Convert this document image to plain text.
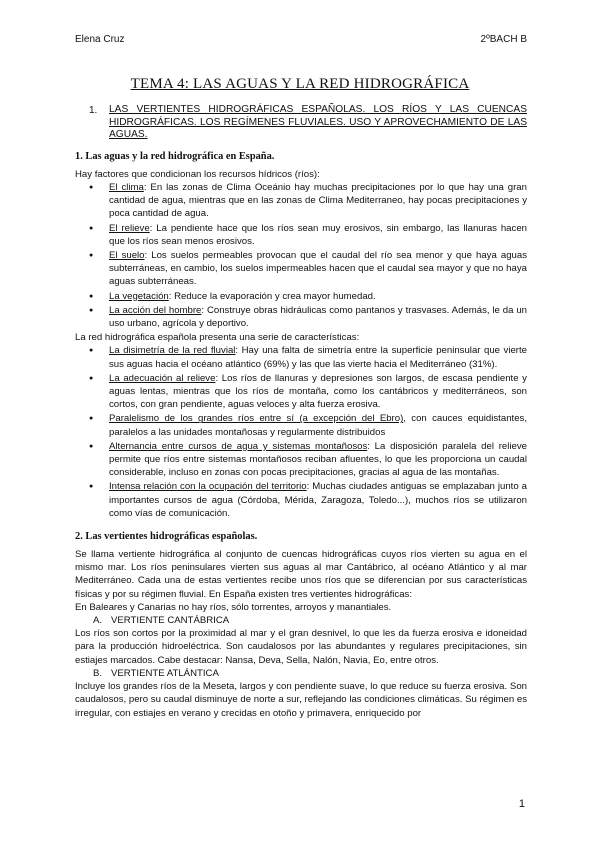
Elena Cruz	2ºBACH B
TEMA 4: LAS AGUAS Y LA RED HIDROGRÁFICA
1.	LAS VERTIENTES HIDROGRÁFICAS ESPAÑOLAS. LOS RÍOS Y LAS CUENCAS HIDROGRÁFICAS. LOS REGÍMENES FLUVIALES. USO Y APROVECHAMIENTO DE LAS AGUAS.
1. Las aguas y la red hidrográfica en España.

Hay factores que condicionan los recursos hídricos (ríos):

● El clima: En las zonas de Clima Oceánio hay muchas precipitaciones por lo que hay una gran cantidad de agua, mientras que en las zonas de Clima Mediterraneo, hay pocas precipitaciones y poca cantidad de agua.
● El relieve: La pendiente hace que los ríos sean muy erosivos, sin embargo, las llanuras hacen que los ríos sean menos erosivos.
● El suelo: Los suelos permeables provocan que el caudal del río sea menor y que haya aguas subterráneas, en cambio, los suelos impermeables hacen que el caudal sea mayor y que no haya aguas subterráneas.
● La vegetación: Reduce la evaporación y crea mayor humedad.
● La acción del hombre: Construye obras hidráulicas como pantanos y trasvases. Además, le da un uso urbano, agrícola y deportivo.

La red hidrográfica española presenta una serie de características:

● La disimetría de la red fluvial: Hay una falta de simetría entre la superficie peninsular que vierte sus aguas hacia el océano atlántico (69%) y las que las vierte hacia el Mediterráneo (31%).
● La adecuación al relieve: Los ríos de llanuras y depresiones son largos, de escasa pendiente y aguas lentas, mientras que los ríos de montaña, como los cantábricos y mediterráneos, son cortos, con gran pendiente, aguas veloces y alta fuerza erosiva.
● Paralelismo de los grandes ríos entre sí (a excepción del Ebro), con cauces equidistantes, paralelos a las unidades montañosas y regularmente distribuidos
● Alternancia entre cursos de agua y sistemas montañosos: La disposición paralela del relieve permite que ríos entre sistemas montañosos reciban afluentes, lo que les proporciona un caudal considerable, incluso en zonas con pocas precipitaciones, gracias al agua de las montañas.
● Intensa relación con la ocupación del territorio: Muchas ciudades antiguas se emplazaban junto a importantes cursos de agua (Córdoba, Mérida, Zaragoza, Toledo...), muchos ríos se utilizaron como vías de comunicación.
2. Las vertientes hidrográficas españolas.

Se llama vertiente hidrográfica al conjunto de cuencas hidrográficas cuyos ríos vierten su agua en el mismo mar. Los ríos peninsulares vierten sus aguas al mar Cantábrico, al océano Atlántico y al mar Mediterráneo. Cada una de estas vertientes recibe unos ríos que se diferencian por sus características físicas y por su régimen fluvial. En España existen tres vertientes hidrográficas:

En Baleares y Canarias no hay ríos, sólo torrentes, arroyos y manantiales.

A. VERTIENTE CANTÁBRICA

Los ríos son cortos por la proximidad al mar y el gran desnivel, lo que les da fuerza erosiva e idoneidad para la producción hidroeléctrica. Son caudalosos por las abundantes y regulares precipitaciones, sin estiajes marcados. Cabe destacar: Nansa, Deva, Sella, Nalón, Navia, Eo, entre otros.

B. VERTIENTE ATLÁNTICA

Incluye los grandes ríos de la Meseta, largos y con pendiente suave, lo que reduce su fuerza erosiva. Son caudalosos, pero su caudal disminuye de norte a sur, reflejando las condiciones climáticas. Su régimen es irregular, con estiajes en verano y crecidas en otoño y primavera, enriquecido por

1
